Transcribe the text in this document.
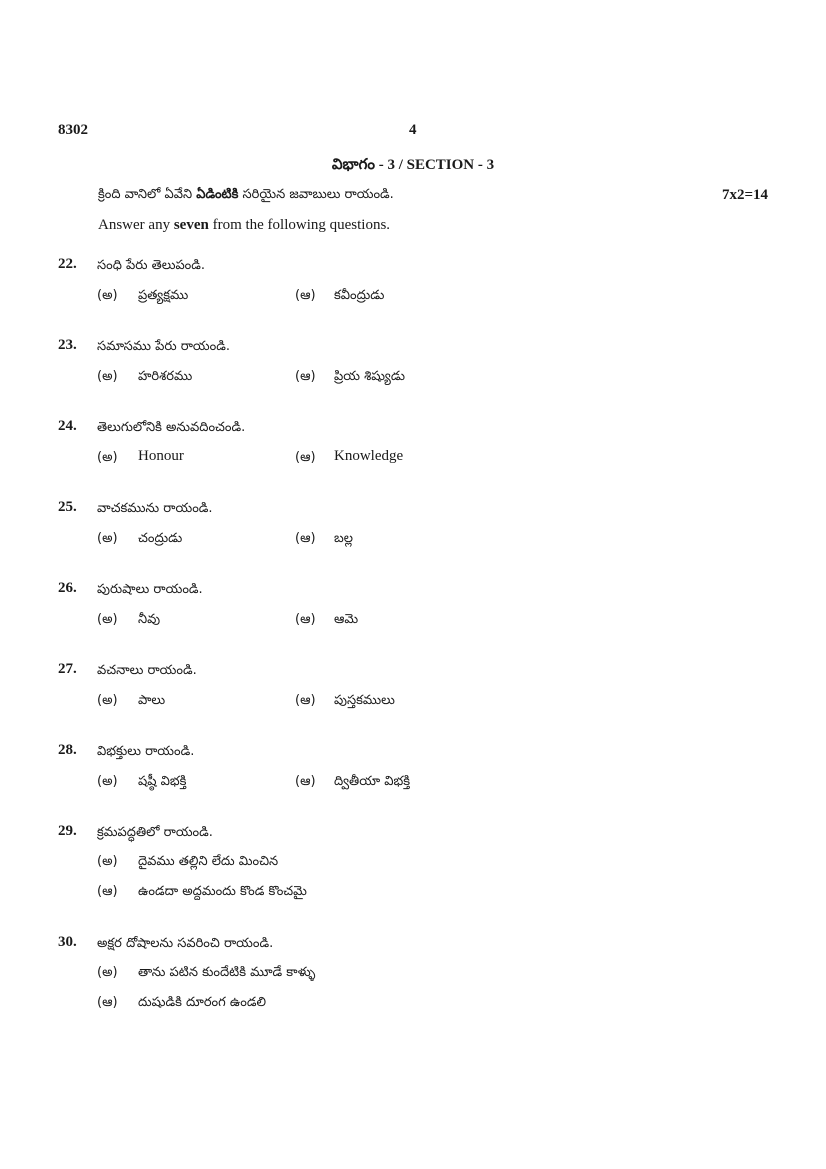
8302	4
విభాగం - 3 / SECTION - 3
క్రింది వానిలో ఏవేని ఏడింటికి సరియైన జవాబులు రాయండి.	7x2=14
Answer any seven from the following questions.
22. సంధి పేరు తెలుపండి.
(అ) ప్రత్యక్షము	(ఆ) కవీంద్రుడు
23. సమాసము పేరు రాయండి.
(అ) హరిశరము	(ఆ) ప్రియ శిష్యుడు
24. తెలుగులోనికి అనువదించండి.
(అ) Honour	(ఆ) Knowledge
25. వాచకమును రాయండి.
(అ) చంద్రుడు	(ఆ) బల్ల
26. పురుషాలు రాయండి.
(అ) నీవు	(ఆ) ఆమె
27. వచనాలు రాయండి.
(అ) పాలు	(ఆ) పుస్తకములు
28. విభక్తులు రాయండి.
(అ) షష్ఠీ విభక్తి	(ఆ) ద్వితీయా విభక్తి
29. క్రమపద్ధతిలో రాయండి.
(అ) దైవము తల్లిని లేదు మించిన
(ఆ) ఉండదా అద్దమందు కొండ కొంచమై
30. అక్షర దోషాలను సవరించి రాయండి.
(అ) తాను పటిన కుందేటికి మూడే కాళ్ళు
(ఆ) దుషుడికి దూరంగ ఉండలి
